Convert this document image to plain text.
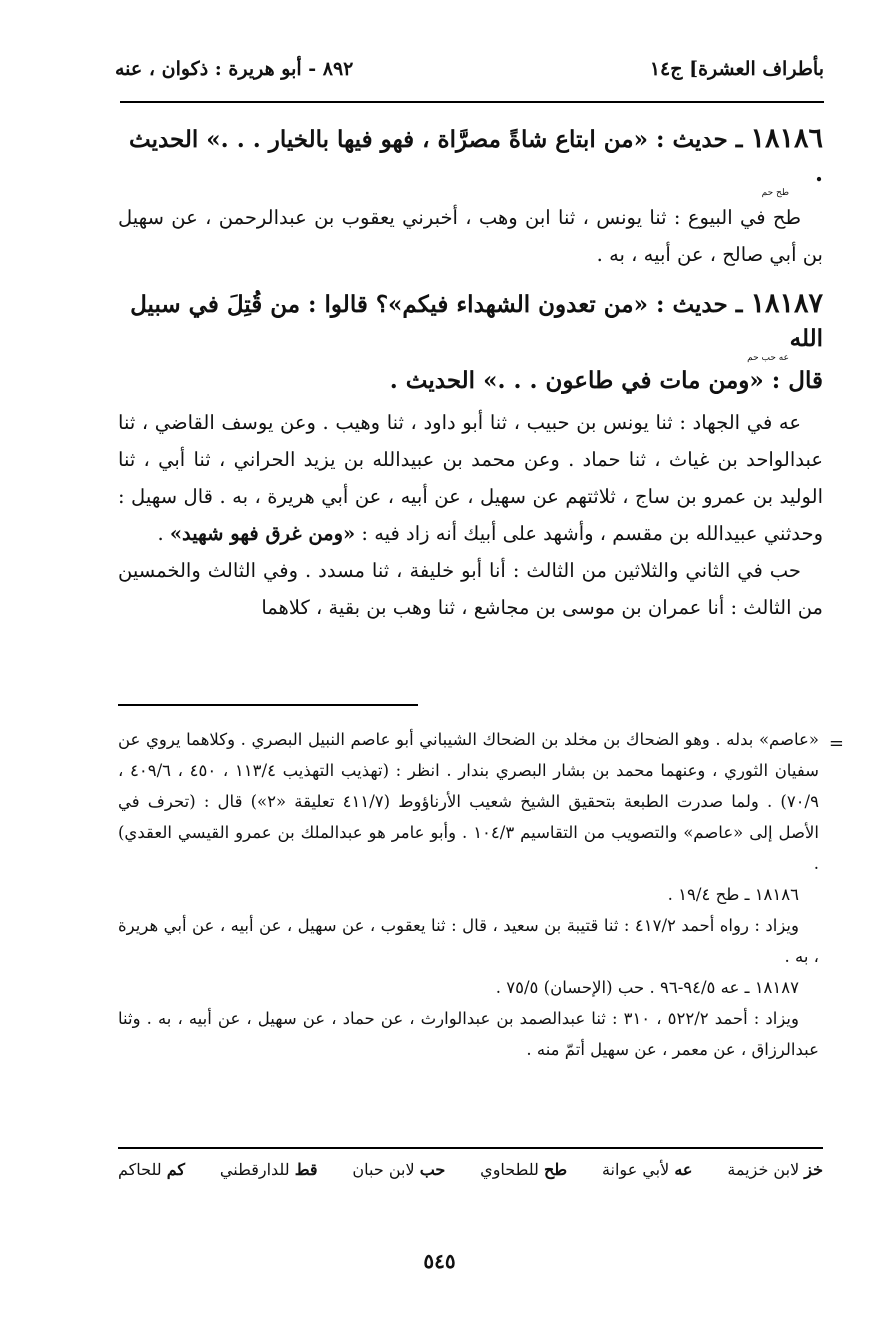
بأطراف العشرة] ج١٤
٨٩٢ - أبو هريرة : ذكوان ، عنه
١٨١٨٦ ـ حديث : «من ابتاع شاةً مصرَّاة ، فهو فيها بالخيار . . .» الحديث .
طح حم

طح في البيوع : ثنا يونس ، ثنا ابن وهب ، أخبرني يعقوب بن عبدالرحمن ، عن سهيل بن أبي صالح ، عن أبيه ، به .

١٨١٨٧ ـ حديث : «من تعدون الشهداء فيكم»؟ قالوا : من قُتِلَ في سبيل الله
عه حب حم
قال : «ومن مات في طاعون . . .» الحديث .

عه في الجهاد : ثنا يونس بن حبيب ، ثنا أبو داود ، ثنا وهيب . وعن يوسف القاضي ، ثنا عبدالواحد بن غياث ، ثنا حماد . وعن محمد بن عبيدالله بن يزيد الحراني ، ثنا أبي ، ثنا الوليد بن عمرو بن ساج ، ثلاثتهم عن سهيل ، عن أبيه ، عن أبي هريرة ، به . قال سهيل : وحدثني عبيدالله بن مقسم ، وأشهد على أبيك أنه زاد فيه : «ومن غرق فهو شهيد» .

حب في الثاني والثلاثين من الثالث : أنا أبو خليفة ، ثنا مسدد . وفي الثالث والخمسين من الثالث : أنا عمران بن موسى بن مجاشع ، ثنا وهب بن بقية ، كلاهما

=

«عاصم» بدله . وهو الضحاك بن مخلد بن الضحاك الشيباني أبو عاصم النبيل البصري . وكلاهما يروي عن سفيان الثوري ، وعنهما محمد بن بشار البصري بندار . انظر : (تهذيب التهذيب ١١٣/٤ ، ٤٥٠ ، ٤٠٩/٦ ، ٧٠/٩) . ولما صدرت الطبعة بتحقيق الشيخ شعيب الأرناؤوط (٤١١/٧ تعليقة «٢») قال : (تحرف في الأصل إلى «عاصم» والتصويب من التقاسيم ١٠٤/٣ . وأبو عامر هو عبدالملك بن عمرو القيسي العقدي) .

١٨١٨٦ ـ طح ١٩/٤ .

ويزاد : رواه أحمد ٤١٧/٢ : ثنا قتيبة بن سعيد ، قال : ثنا يعقوب ، عن سهيل ، عن أبيه ، عن أبي هريرة ، به .

١٨١٨٧ ـ عه ٩٤/٥-٩٦ . حب (الإحسان) ٧٥/٥ .

ويزاد : أحمد ٥٢٢/٢ ، ٣١٠ : ثنا عبدالصمد بن عبدالوارث ، عن حماد ، عن سهيل ، عن أبيه ، به . وثنا عبدالرزاق ، عن معمر ، عن سهيل أتمّ منه .

خز لابن خزيمة
عه لأبي عوانة
طح للطحاوي
حب لابن حبان
قط للدارقطني
كم للحاكم
٥٤٥
